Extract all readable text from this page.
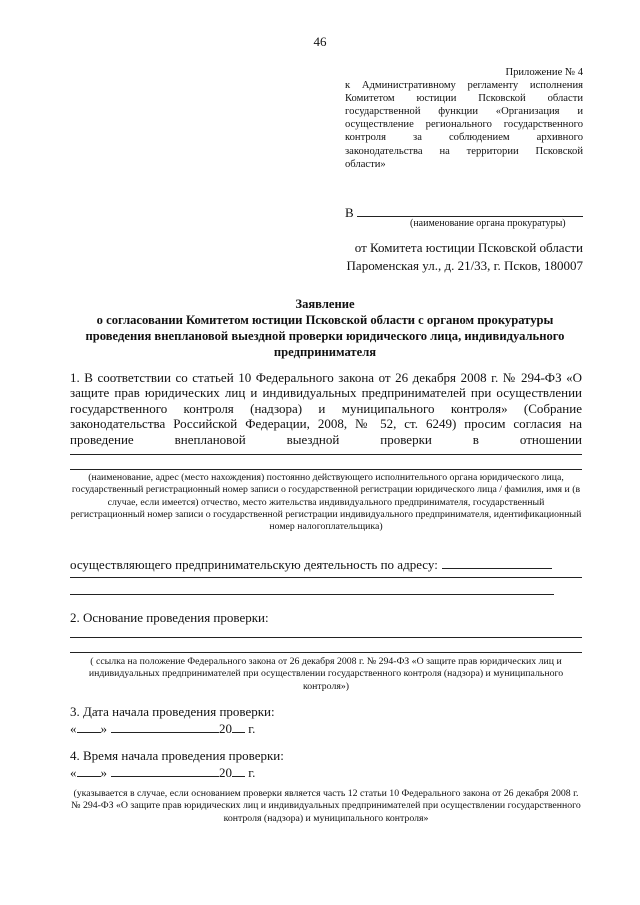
46
Приложение № 4
к Административному регламенту исполнения Комитетом юстиции Псковской области государственной функции «Организация и осуществление регионального государственного контроля за соблюдением архивного законодательства на территории Псковской области»
В
(наименование органа прокуратуры)
от Комитета юстиции Псковской области
Пароменская ул., д. 21/33, г. Псков, 180007
Заявление
о согласовании Комитетом юстиции Псковской области с органом прокуратуры
проведения внеплановой выездной проверки юридического лица, индивидуального
предпринимателя
1. В соответствии со статьей 10 Федерального закона от 26 декабря 2008 г. № 294-ФЗ «О защите прав юридических лиц и индивидуальных предпринимателей при осуществлении государственного контроля (надзора) и муниципального контроля» (Собрание законодательства Российской Федерации, 2008, № 52, ст. 6249) просим согласия на проведение внеплановой выездной проверки в отношении
(наименование, адрес (место нахождения) постоянно действующего исполнительного органа юридического лица, государственный регистрационный номер записи о государственной регистрации юридического лица / фамилия, имя и (в случае, если имеется) отчество, место жительства индивидуального предпринимателя, государственный регистрационный номер записи о государственной регистрации индивидуального предпринимателя, идентификационный номер налогоплательщика)
осуществляющего предпринимательскую деятельность по адресу:
2. Основание проведения проверки:
( ссылка на положение Федерального закона от 26 декабря 2008 г. № 294-ФЗ «О защите прав юридических лиц и индивидуальных предпринимателей при осуществлении государственного контроля (надзора) и муниципального контроля»)
3. Дата начала проведения проверки:
« »	20 г.
4. Время начала проведения проверки:
« »	20 г.
(указывается в случае, если основанием проверки является часть 12 статьи 10 Федерального закона от 26 декабря 2008 г. № 294-ФЗ «О защите прав юридических лиц и индивидуальных предпринимателей при осуществлении государственного контроля (надзора) и муниципального контроля»
